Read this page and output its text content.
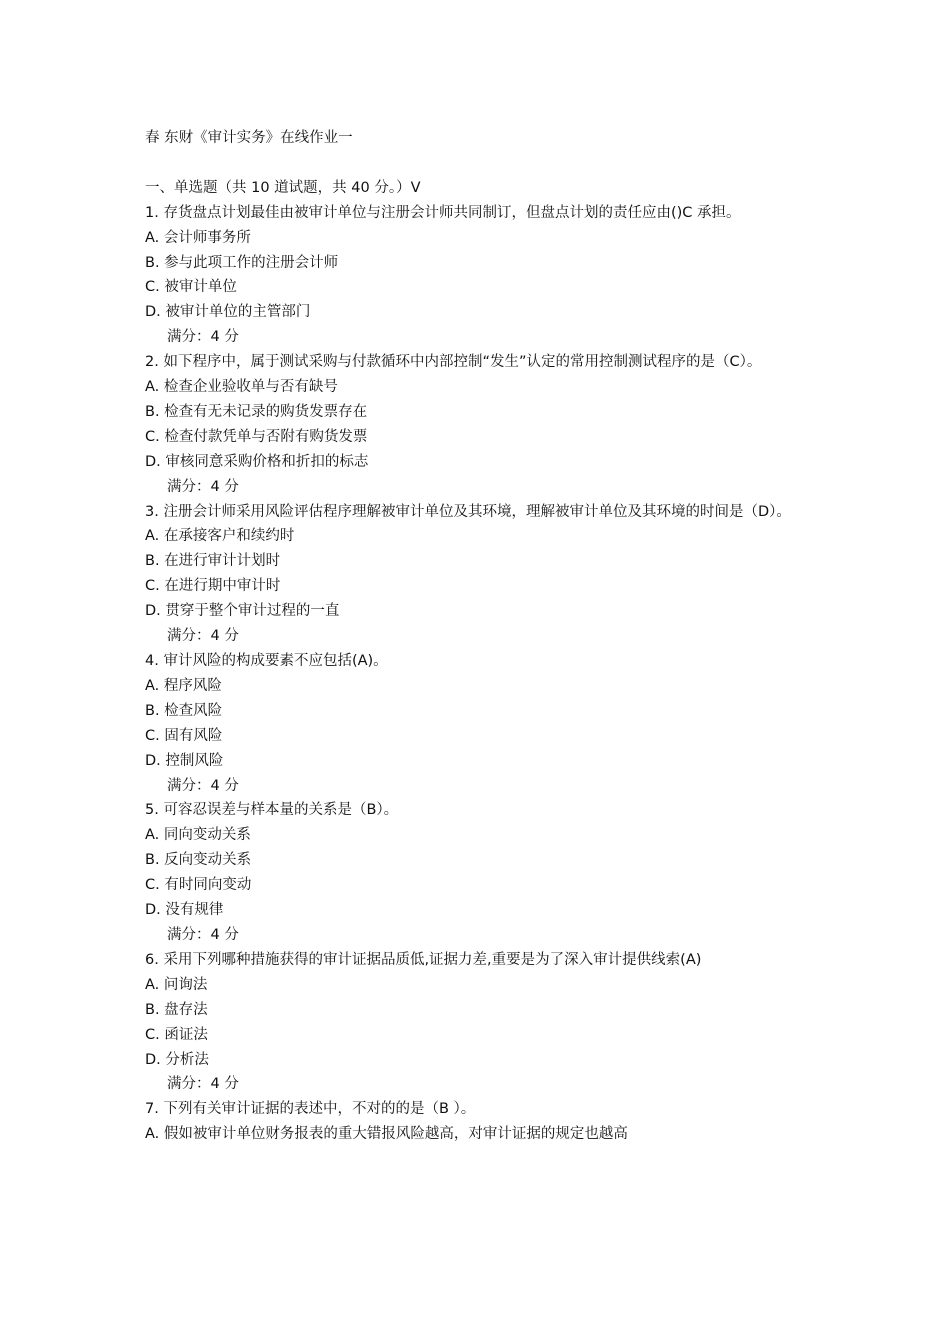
春 东财《审计实务》在线作业一
一、单选题（共 10 道试题，共 40 分。）V
1. 存货盘点计划最佳由被审计单位与注册会计师共同制订，但盘点计划的责任应由()C 承担。
A. 会计师事务所
B. 参与此项工作的注册会计师
C. 被审计单位
D. 被审计单位的主管部门
满分：4 分
2. 如下程序中，属于测试采购与付款循环中内部控制“发生”认定的常用控制测试程序的是（C）。
A. 检查企业验收单与否有缺号
B. 检查有无未记录的购货发票存在
C. 检查付款凭单与否附有购货发票
D. 审核同意采购价格和折扣的标志
满分：4 分
3. 注册会计师采用风险评估程序理解被审计单位及其环境，理解被审计单位及其环境的时间是（D）。
A. 在承接客户和续约时
B. 在进行审计计划时
C. 在进行期中审计时
D. 贯穿于整个审计过程的一直
满分：4 分
4. 审计风险的构成要素不应包括(A)。
A. 程序风险
B. 检查风险
C. 固有风险
D. 控制风险
满分：4 分
5. 可容忍误差与样本量的关系是（B）。
A. 同向变动关系
B. 反向变动关系
C. 有时同向变动
D. 没有规律
满分：4 分
6. 采用下列哪种措施获得的审计证据品质低,证据力差,重要是为了深入审计提供线索(A)
A. 问询法
B. 盘存法
C. 函证法
D. 分析法
满分：4 分
7. 下列有关审计证据的表述中，不对的的是（B ）。
A. 假如被审计单位财务报表的重大错报风险越高，对审计证据的规定也越高
